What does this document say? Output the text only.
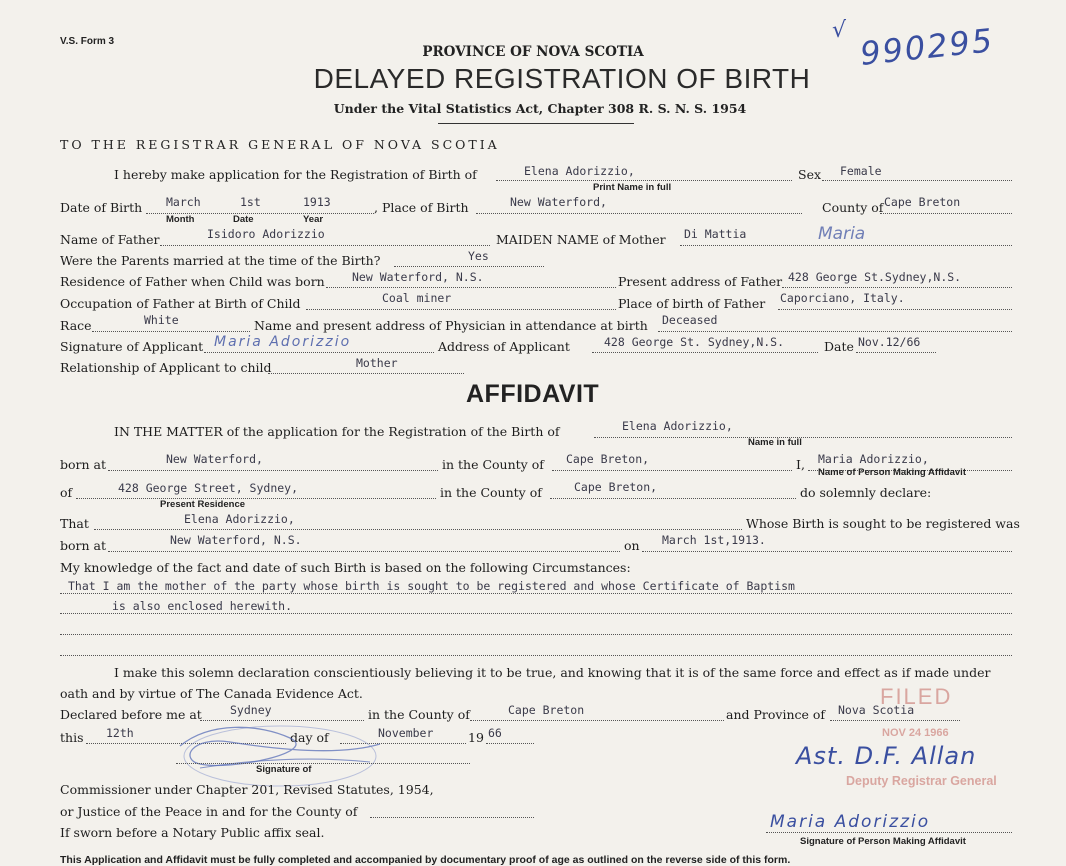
V.S. Form 3
PROVINCE OF NOVA SCOTIA
DELAYED REGISTRATION OF BIRTH
Under the Vital Statistics Act, Chapter 308 R. S. N. S. 1954
990295
√
TO THE REGISTRAR GENERAL OF NOVA SCOTIA
I hereby make application for the Registration of Birth of	Elena Adorizzio,	Sex Female
Print Name in full
Date of Birth March	1st	1913
Month	Date	Year
, Place of Birth	New Waterford,	County of Cape Breton
Name of Father	Isidoro Adorizzio	MAIDEN NAME of Mother Di Mattia	Maria
Were the Parents married at the time of the Birth?	Yes
Residence of Father when Child was born New Waterford, N.S.	Present address of Father 428 George St.Sydney,N.S.
Occupation of Father at Birth of Child	Coal miner	Place of birth of Father Caporciano, Italy.
Race	White	Name and present address of Physician in attendance at birth Deceased
Signature of Applicant Maria Adorizzio	Address of Applicant	428 George St. Sydney,N.S.	Date Nov.12/66
Relationship of Applicant to child	Mother
AFFIDAVIT
IN THE MATTER of the application for the Registration of the Birth of	Elena Adorizzio,
Name in full
born at	New Waterford,	in the County of Cape Breton,	I, Maria Adorizzio,
Name of Person Making Affidavit
of	428 George Street, Sydney,
Present Residence
in the County of	Cape Breton,	do solemnly declare:
That	Elena Adorizzio,	Whose Birth is sought to be registered was
born at	New Waterford, N.S.	on March 1st,1913.
My knowledge of the fact and date of such Birth is based on the following Circumstances:
That I am the mother of the party whose birth is sought to be registered and whose Certificate of Baptism
is also enclosed herewith.
I make this solemn declaration conscientiously believing it to be true, and knowing that it is of the same force and effect as if made under
oath and by virtue of The Canada Evidence Act.	FILED
NOV 24 1966
Declared before me at Sydney	in the County of	Cape Breton	and Province of Nova Scotia
this 12th	day of	November	19 66
Signature of
Commissioner under Chapter 201, Revised Statutes, 1954,
or Justice of the Peace in and for the County of
If sworn before a Notary Public affix seal.
Ast. D.F. Allan
Deputy Registrar General
Maria Adorizzio
Signature of Person Making Affidavit
This Application and Affidavit must be fully completed and accompanied by documentary proof of age as outlined on the reverse side of this form.
